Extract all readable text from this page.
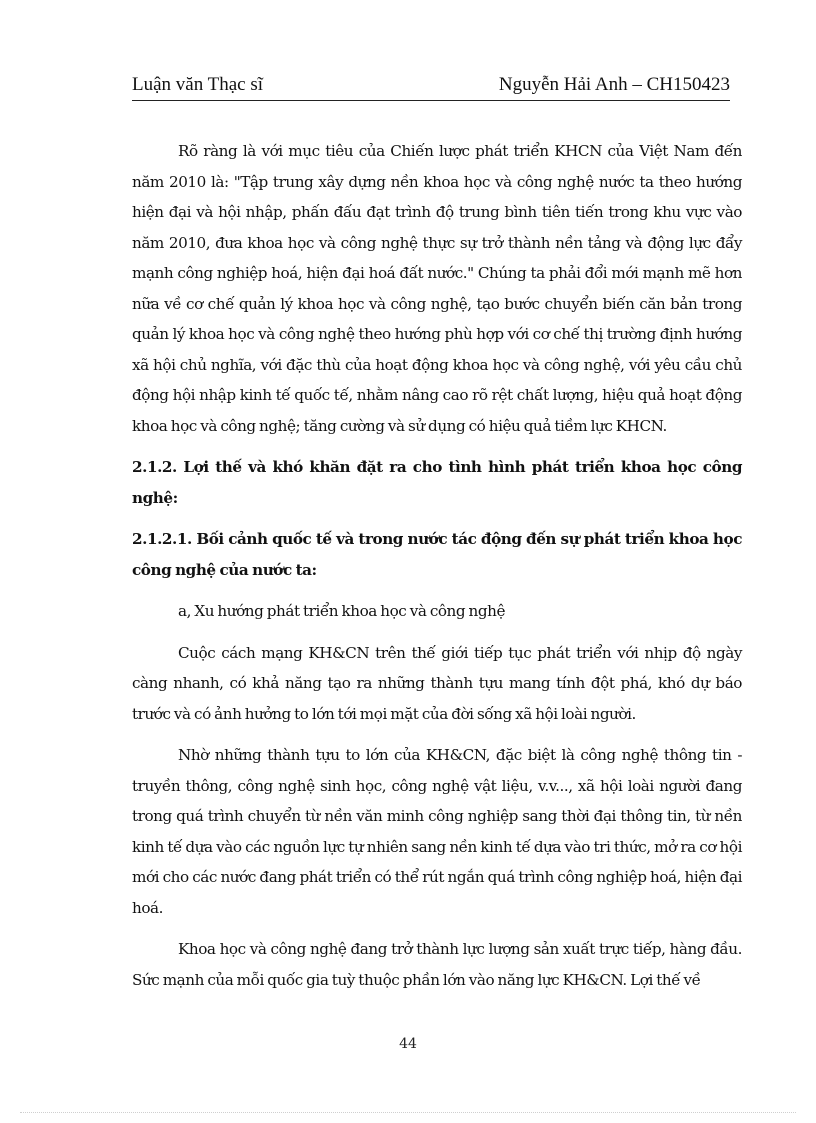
Luận văn Thạc sĩ	Nguyễn Hải Anh – CH150423

Rõ ràng là với mục tiêu của Chiến lược phát triển KHCN của Việt Nam đến năm 2010 là: "Tập trung xây dựng nền khoa học và công nghệ nước ta theo hướng hiện đại và hội nhập, phấn đấu đạt trình độ trung bình tiên tiến trong khu vực vào năm 2010, đưa khoa học và công nghệ thực sự trở thành nền tảng và động lực đẩy mạnh công nghiệp hoá, hiện đại hoá đất nước." Chúng ta phải đổi mới mạnh mẽ hơn nữa về cơ chế quản lý khoa học và công nghệ, tạo bước chuyển biến căn bản trong quản lý khoa học và công nghệ theo hướng phù hợp với cơ chế thị trường định hướng xã hội chủ nghĩa, với đặc thù của hoạt động khoa học và công nghệ, với yêu cầu chủ động hội nhập kinh tế quốc tế, nhằm nâng cao rõ rệt chất lượng, hiệu quả hoạt động khoa học và công nghệ; tăng cường và sử dụng có hiệu quả tiềm lực KHCN.

2.1.2. Lợi thế và khó khăn đặt ra cho tình hình phát triển khoa học công nghệ:

2.1.2.1. Bối cảnh quốc tế và trong nước tác động đến sự phát triển khoa học công nghệ của nước ta:

a, Xu hướng phát triển khoa học và công nghệ

Cuộc cách mạng KH&CN trên thế giới tiếp tục phát triển với nhịp độ ngày càng nhanh, có khả năng tạo ra những thành tựu mang tính đột phá, khó dự báo trước và có ảnh hưởng to lớn tới mọi mặt của đời sống xã hội loài người.

Nhờ những thành tựu to lớn của KH&CN, đặc biệt là công nghệ thông tin - truyền thông, công nghệ sinh học, công nghệ vật liệu, v.v..., xã hội loài người đang trong quá trình chuyển từ nền văn minh công nghiệp sang thời đại thông tin, từ nền kinh tế dựa vào các nguồn lực tự nhiên sang nền kinh tế dựa vào tri thức, mở ra cơ hội mới cho các nước đang phát triển có thể rút ngắn quá trình công nghiệp hoá, hiện đại hoá.

Khoa học và công nghệ đang trở thành lực lượng sản xuất trực tiếp, hàng đầu. Sức mạnh của mỗi quốc gia tuỳ thuộc phần lớn vào năng lực KH&CN. Lợi thế về

44
